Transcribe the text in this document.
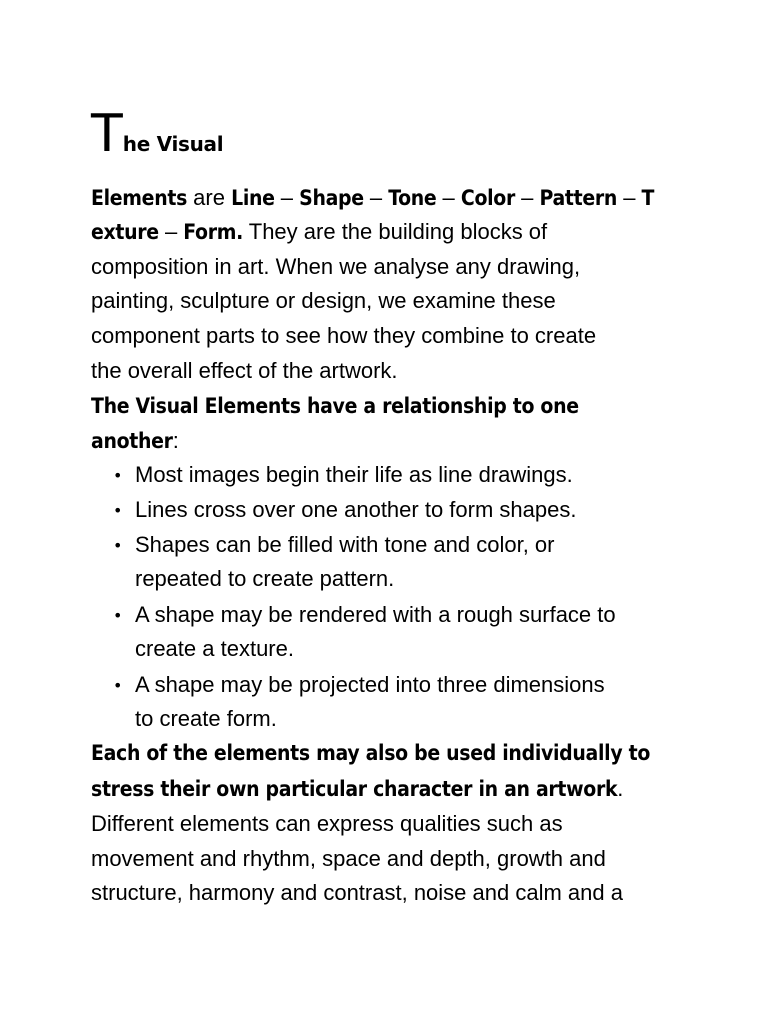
The Visual
Elements are Line – Shape – Tone – Color – Pattern – T
exture – Form. They are the building blocks of
composition in art. When we analyse any drawing,
painting, sculpture or design, we examine these
component parts to see how they combine to create
the overall effect of the artwork.
The Visual Elements have a relationship to one
another:
• Most images begin their life as line drawings.
• Lines cross over one another to form shapes.
• Shapes can be filled with tone and color, or
repeated to create pattern.
• A shape may be rendered with a rough surface to
create a texture.
• A shape may be projected into three dimensions
to create form.
Each of the elements may also be used individually to
stress their own particular character in an artwork.
Different elements can express qualities such as
movement and rhythm, space and depth, growth and
structure, harmony and contrast, noise and calm and a
